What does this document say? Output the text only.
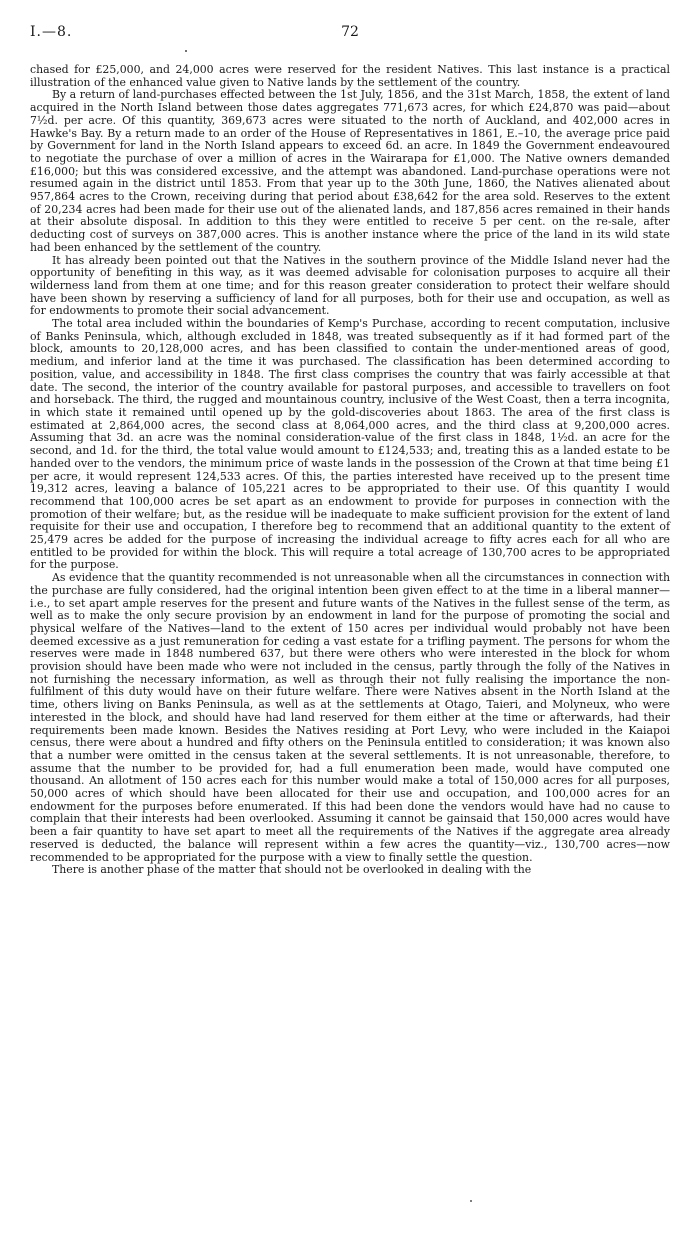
I.—8.	72

chased for £25,000, and 24,000 acres were reserved for the resident Natives. This last instance is a practical illustration of the enhanced value given to Native lands by the settlement of the country.

By a return of land-purchases effected between the 1st July, 1856, and the 31st March, 1858, the extent of land acquired in the North Island between those dates aggregates 771,673 acres, for which £24,870 was paid—about 7½d. per acre. Of this quantity, 369,673 acres were situated to the north of Auckland, and 402,000 acres in Hawke's Bay. By a return made to an order of the House of Representatives in 1861, E.–10, the average price paid by Government for land in the North Island appears to exceed 6d. an acre. In 1849 the Government endeavoured to negotiate the purchase of over a million of acres in the Wairarapa for £1,000. The Native owners demanded £16,000; but this was considered excessive, and the attempt was abandoned. Land-purchase operations were not resumed again in the district until 1853. From that year up to the 30th June, 1860, the Natives alienated about 957,864 acres to the Crown, receiving during that period about £38,642 for the area sold. Reserves to the extent of 20,234 acres had been made for their use out of the alienated lands, and 187,856 acres remained in their hands at their absolute disposal. In addition to this they were entitled to receive 5 per cent. on the re-sale, after deducting cost of surveys on 387,000 acres. This is another instance where the price of the land in its wild state had been enhanced by the settlement of the country.

It has already been pointed out that the Natives in the southern province of the Middle Island never had the opportunity of benefiting in this way, as it was deemed advisable for colonisation purposes to acquire all their wilderness land from them at one time; and for this reason greater consideration to protect their welfare should have been shown by reserving a sufficiency of land for all purposes, both for their use and occupation, as well as for endowments to promote their social advancement.

The total area included within the boundaries of Kemp's Purchase, according to recent computation, inclusive of Banks Peninsula, which, although excluded in 1848, was treated subsequently as if it had formed part of the block, amounts to 20,128,000 acres, and has been classified to contain the under-mentioned areas of good, medium, and inferior land at the time it was purchased. The classification has been determined according to position, value, and accessibility in 1848. The first class comprises the country that was fairly accessible at that date. The second, the interior of the country available for pastoral purposes, and accessible to travellers on foot and horseback. The third, the rugged and mountainous country, inclusive of the West Coast, then a terra incognita, in which state it remained until opened up by the gold-discoveries about 1863. The area of the first class is estimated at 2,864,000 acres, the second class at 8,064,000 acres, and the third class at 9,200,000 acres. Assuming that 3d. an acre was the nominal consideration-value of the first class in 1848, 1½d. an acre for the second, and 1d. for the third, the total value would amount to £124,533; and, treating this as a landed estate to be handed over to the vendors, the minimum price of waste lands in the possession of the Crown at that time being £1 per acre, it would represent 124,533 acres. Of this, the parties interested have received up to the present time 19,312 acres, leaving a balance of 105,221 acres to be appropriated to their use. Of this quantity I would recommend that 100,000 acres be set apart as an endowment to provide for purposes in connection with the promotion of their welfare; but, as the residue will be inadequate to make sufficient provision for the extent of land requisite for their use and occupation, I therefore beg to recommend that an additional quantity to the extent of 25,479 acres be added for the purpose of increasing the individual acreage to fifty acres each for all who are entitled to be provided for within the block. This will require a total acreage of 130,700 acres to be appropriated for the purpose.

As evidence that the quantity recommended is not unreasonable when all the circumstances in connection with the purchase are fully considered, had the original intention been given effect to at the time in a liberal manner—i.e., to set apart ample reserves for the present and future wants of the Natives in the fullest sense of the term, as well as to make the only secure provision by an endowment in land for the purpose of promoting the social and physical welfare of the Natives—land to the extent of 150 acres per individual would probably not have been deemed excessive as a just remuneration for ceding a vast estate for a trifling payment. The persons for whom the reserves were made in 1848 numbered 637, but there were others who were interested in the block for whom provision should have been made who were not included in the census, partly through the folly of the Natives in not furnishing the necessary information, as well as through their not fully realising the importance the non-fulfilment of this duty would have on their future welfare. There were Natives absent in the North Island at the time, others living on Banks Peninsula, as well as at the settlements at Otago, Taieri, and Molyneux, who were interested in the block, and should have had land reserved for them either at the time or afterwards, had their requirements been made known. Besides the Natives residing at Port Levy, who were included in the Kaiapoi census, there were about a hundred and fifty others on the Peninsula entitled to consideration; it was known also that a number were omitted in the census taken at the several settlements. It is not unreasonable, therefore, to assume that the number to be provided for, had a full enumeration been made, would have computed one thousand. An allotment of 150 acres each for this number would make a total of 150,000 acres for all purposes, 50,000 acres of which should have been allocated for their use and occupation, and 100,000 acres for an endowment for the purposes before enumerated. If this had been done the vendors would have had no cause to complain that their interests had been overlooked. Assuming it cannot be gainsaid that 150,000 acres would have been a fair quantity to have set apart to meet all the requirements of the Natives if the aggregate area already reserved is deducted, the balance will represent within a few acres the quantity—viz., 130,700 acres—now recommended to be appropriated for the purpose with a view to finally settle the question.

There is another phase of the matter that should not be overlooked in dealing with the
